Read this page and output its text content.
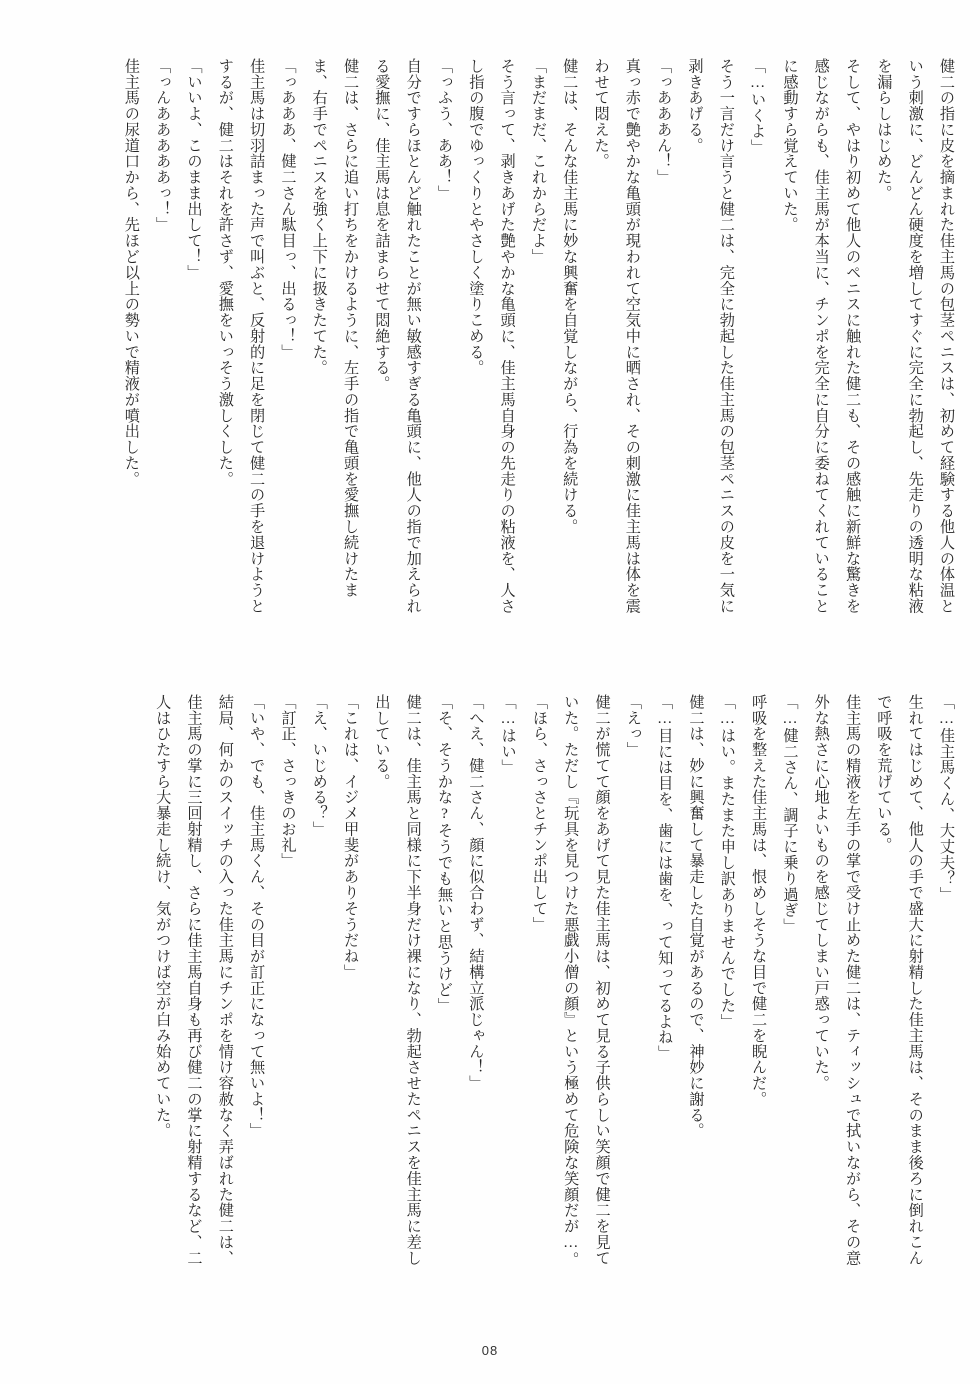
健二の指に皮を摘まれた佳主馬の包茎ペニスは、初めて経験する他人の体温という刺激に、どんどん硬度を増してすぐに完全に勃起し、先走りの透明な粘液を漏らしはじめた。

そして、やはり初めて他人のペニスに触れた健二も、その感触に新鮮な驚きを感じながらも、佳主馬が本当に、チンポを完全に自分に委ねてくれていることに感動すら覚えていた。

「…いくよ」

そう一言だけ言うと健二は、完全に勃起した佳主馬の包茎ペニスの皮を一気に剥きあげる。

「っあああん！」

真っ赤で艶やかな亀頭が現われて空気中に晒され、その刺激に佳主馬は体を震わせて悶えた。

健二は、そんな佳主馬に妙な興奮を自覚しながら、行為を続ける。

「まだまだ、これからだよ」

そう言って、剥きあげた艶やかな亀頭に、佳主馬自身の先走りの粘液を、人さし指の腹でゆっくりとやさしく塗りこめる。

「っふう、ああ！」

自分ですらほとんど触れたことが無い敏感すぎる亀頭に、他人の指で加えられる愛撫に、佳主馬は息を詰まらせて悶絶する。

健二は、さらに追い打ちをかけるように、左手の指で亀頭を愛撫し続けたまま、右手でペニスを強く上下に扱きたてた。

「っあああ、健二さん駄目っ、出るっ！」

佳主馬は切羽詰まった声で叫ぶと、反射的に足を閉じて健二の手を退けようとするが、健二はそれを許さず、愛撫をいっそう激しくした。

「いいよ、このまま出して！」

「っんあああああっ！」

佳主馬の尿道口から、先ほど以上の勢いで精液が噴出した。

「…佳主馬くん、大丈夫？」

生れてはじめて、他人の手で盛大に射精した佳主馬は、そのまま後ろに倒れこんで呼吸を荒げている。

佳主馬の精液を左手の掌で受け止めた健二は、ティッシュで拭いながら、その意外な熱さに心地よいものを感じてしまい戸惑っていた。

「…健二さん、調子に乗り過ぎ」

呼吸を整えた佳主馬は、恨めしそうな目で健二を睨んだ。

「…はい。またまた申し訳ありませんでした」

健二は、妙に興奮して暴走した自覚があるので、神妙に謝る。

「…目には目を、歯には歯を、って知ってるよね」

「えっ」

健二が慌てて顔をあげて見た佳主馬は、初めて見る子供らしい笑顔で健二を見ていた。ただし『玩具を見つけた悪戯小僧の顔』という極めて危険な笑顔だが…。

「ほら、さっさとチンポ出して」

「…はい」

「へえ、健二さん、顔に似合わず、結構立派じゃん！」

「そ、そうかな?そうでも無いと思うけど」

健二は、佳主馬と同様に下半身だけ裸になり、勃起させたペニスを佳主馬に差し出している。

「これは、イジメ甲斐がありそうだね」

「え、いじめる？」

「訂正、さっきのお礼」

「いや、でも、佳主馬くん、その目が訂正になって無いよ！」

結局、何かのスイッチの入った佳主馬にチンポを情け容赦なく弄ばれた健二は、佳主馬の掌に三回射精し、さらに佳主馬自身も再び健二の掌に射精するなど、二人はひたすら大暴走し続け、気がつけば空が白み始めていた。

08
